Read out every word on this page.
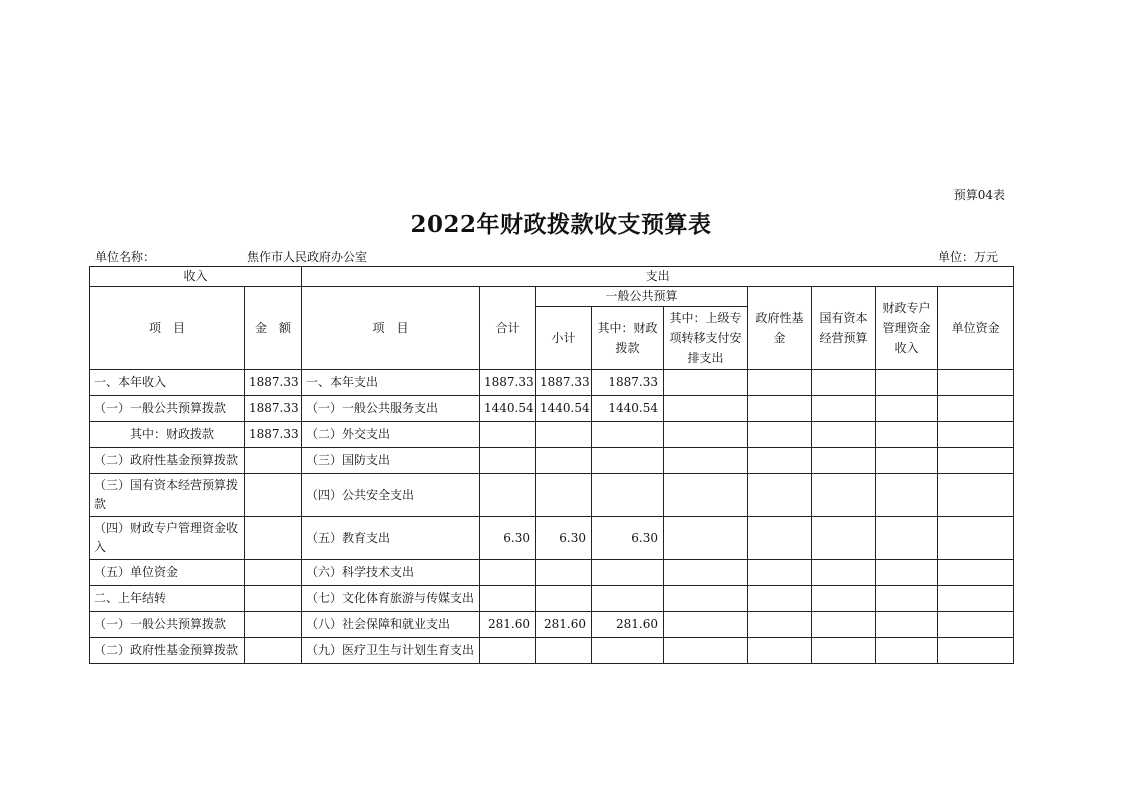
预算04表
2022年财政拨款收支预算表
单位名称：	焦作市人民政府办公室	单位：万元
收入		支出								
项　目	金　额	项　目	合计	一般公共预算			政府性基金	国有资本经营预算	财政专户管理资金收入	单位资金
				小计	其中：财政拨款	其中：上级专项转移支付安排支出				
一、本年收入	1887.33	一、本年支出	1887.33	1887.33	1887.33					
（一）一般公共预算拨款	1887.33	（一）一般公共服务支出	1440.54	1440.54	1440.54					
其中：财政拨款	1887.33	（二）外交支出								
（二）政府性基金预算拨款		（三）国防支出								
（三）国有资本经营预算拨款		（四）公共安全支出								
（四）财政专户管理资金收入		（五）教育支出	6.30	6.30	6.30					
（五）单位资金		（六）科学技术支出								
二、上年结转		（七）文化体育旅游与传媒支出								
（一）一般公共预算拨款		（八）社会保障和就业支出	281.60	281.60	281.60					
（二）政府性基金预算拨款		（九）医疗卫生与计划生育支出								
